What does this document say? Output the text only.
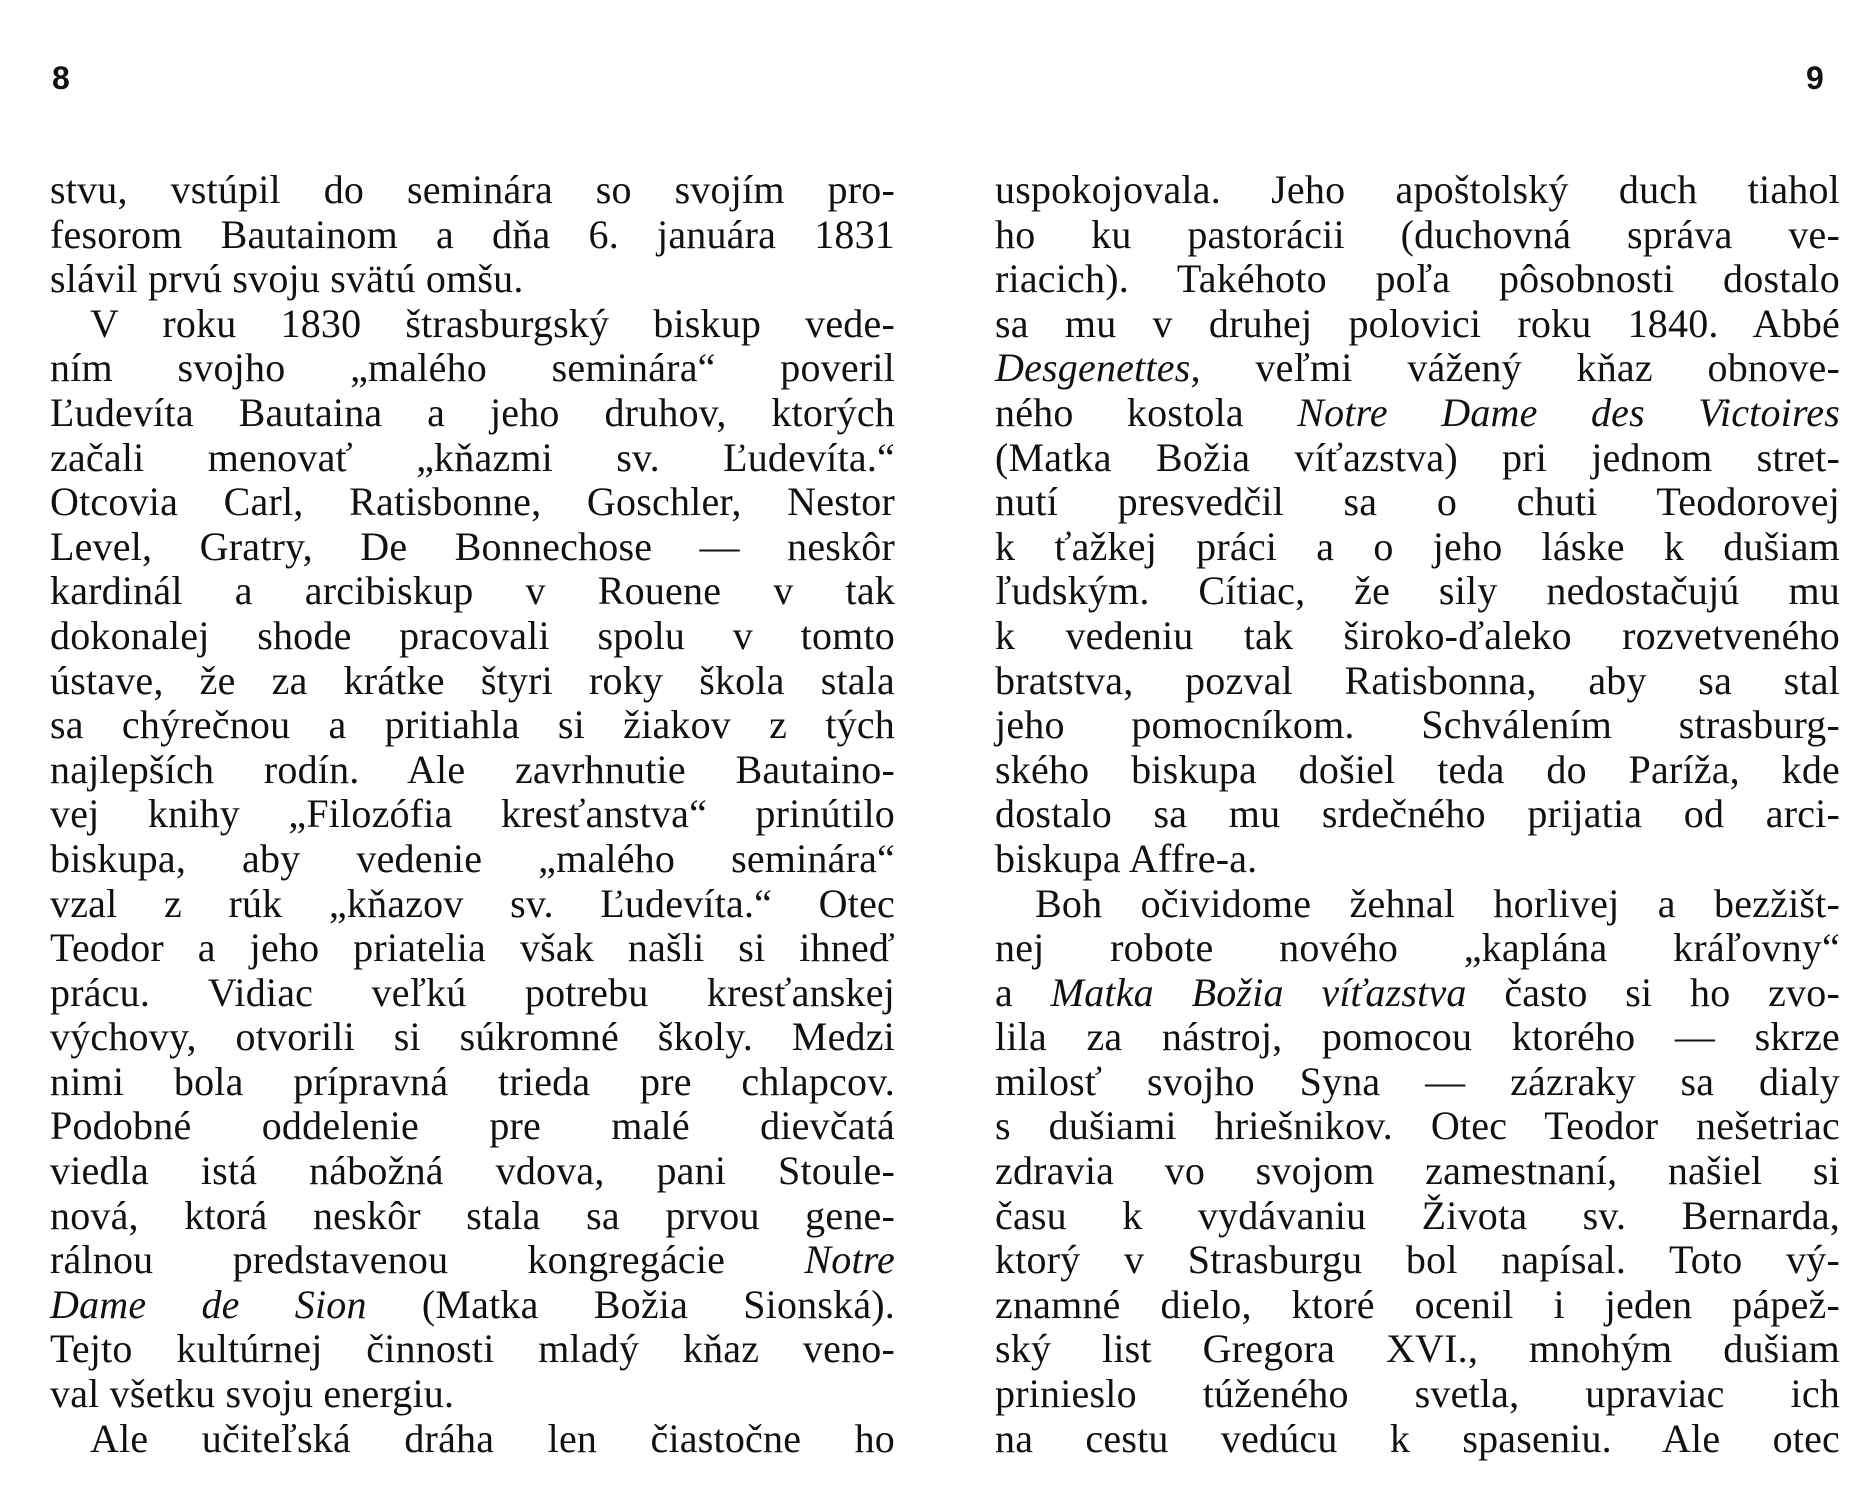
8	9
stvu, vstúpil do seminára so svojím pro-
fesorom Bautainom a dňa 6. januára 1831
slávil prvú svoju svätú omšu.
V roku 1830 štrasburgský biskup vede-
ním svojho „malého seminára“ poveril
Ľudevíta Bautaina a jeho druhov, ktorých
začali menovať „kňazmi sv. Ľudevíta.“
Otcovia Carl, Ratisbonne, Goschler, Nestor
Level, Gratry, De Bonnechose — neskôr
kardinál a arcibiskup v Rouene v tak
dokonalej shode pracovali spolu v tomto
ústave, že za krátke štyri roky škola stala
sa chýrečnou a pritiahla si žiakov z tých
najlepších rodín. Ale zavrhnutie Bautaino-
vej knihy „Filozófia kresťanstva“ prinútilo
biskupa, aby vedenie „malého seminára“
vzal z rúk „kňazov sv. Ľudevíta.“ Otec
Teodor a jeho priatelia však našli si ihneď
prácu. Vidiac veľkú potrebu kresťanskej
výchovy, otvorili si súkromné školy. Medzi
nimi bola prípravná trieda pre chlapcov.
Podobné oddelenie pre malé dievčatá
viedla istá nábožná vdova, pani Stoule-
nová, ktorá neskôr stala sa prvou gene-
rálnou predstavenou kongregácie Notre
Dame de Sion (Matka Božia Sionská).
Tejto kultúrnej činnosti mladý kňaz veno-
val všetku svoju energiu.
Ale učiteľská dráha len čiastočne ho
uspokojovala. Jeho apoštolský duch tiahol
ho ku pastorácii (duchovná správa ve-
riacich). Takéhoto poľa pôsobnosti dostalo
sa mu v druhej polovici roku 1840. Abbé
Desgenettes, veľmi vážený kňaz obnove-
ného kostola Notre Dame des Victoires
(Matka Božia víťazstva) pri jednom stret-
nutí presvedčil sa o chuti Teodorovej
k ťažkej práci a o jeho láske k dušiam
ľudským. Cítiac, že sily nedostačujú mu
k vedeniu tak široko-ďaleko rozvetveného
bratstva, pozval Ratisbonna, aby sa stal
jeho pomocníkom. Schválením strasburg-
ského biskupa došiel teda do Paríža, kde
dostalo sa mu srdečného prijatia od arci-
biskupa Affre-a.
Boh očividome žehnal horlivej a bezžišt-
nej robote nového „kaplána kráľovny“
a Matka Božia víťazstva často si ho zvo-
lila za nástroj, pomocou ktorého — skrze
milosť svojho Syna — zázraky sa dialy
s dušiami hriešnikov. Otec Teodor nešetriac
zdravia vo svojom zamestnaní, našiel si
času k vydávaniu Života sv. Bernarda,
ktorý v Strasburgu bol napísal. Toto vý-
znamné dielo, ktoré ocenil i jeden pápež-
ský list Gregora XVI., mnohým dušiam
prinieslo túženého svetla, upraviac ich
na cestu vedúcu k spaseniu. Ale otec
